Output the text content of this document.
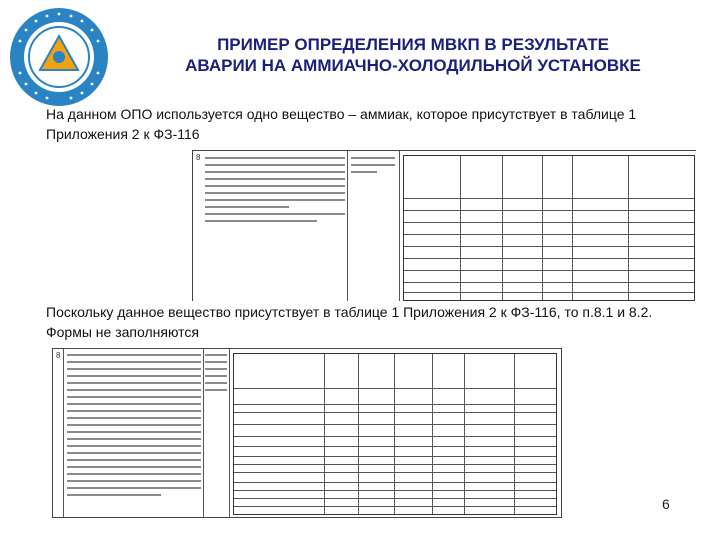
ПРИМЕР ОПРЕДЕЛЕНИЯ МВКП В РЕЗУЛЬТАТЕ
АВАРИИ НА АММИАЧНО-ХОЛОДИЛЬНОЙ УСТАНОВКЕ
На данном ОПО используется одно вещество – аммиак, которое присутствует в таблице 1 Приложения 2 к ФЗ-116
8
Поскольку данное вещество присутствует в таблице 1 Приложения 2 к ФЗ-116, то п.8.1 и 8.2. Формы не заполняются
8
6
